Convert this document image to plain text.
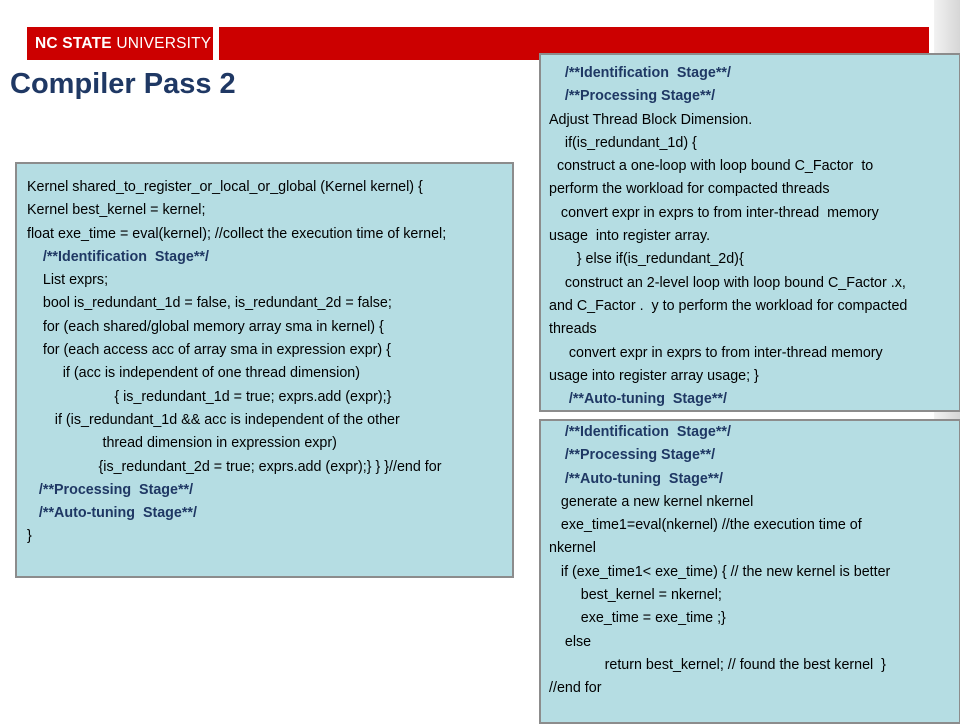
NC STATE UNIVERSITY
Compiler Pass 2
Kernel shared_to_register_or_local_or_global (Kernel kernel) {
Kernel best_kernel = kernel;
float exe_time = eval(kernel); //collect the execution time of kernel;
/**Identification  Stage**/
List exprs;
bool is_redundant_1d = false, is_redundant_2d = false;
for (each shared/global memory array sma in kernel) {
for (each access acc of array sma in expression expr) {
if (acc is independent of one thread dimension)
{ is_redundant_1d = true; exprs.add (expr);}
if (is_redundant_1d && acc is independent of the other
thread dimension in expression expr)
{is_redundant_2d = true; exprs.add (expr);} } }//end for
/**Processing  Stage**/
/**Auto-tuning  Stage**/
}
/**Identification  Stage**/
/**Processing Stage**/
Adjust Thread Block Dimension.
if(is_redundant_1d) {
construct a one-loop with loop bound C_Factor  to
perform the workload for compacted threads
convert expr in exprs to from inter-thread  memory
usage  into register array.
} else if(is_redundant_2d){
construct an 2-level loop with loop bound C_Factor .x,
and C_Factor .  y to perform the workload for compacted
threads
convert expr in exprs to from inter-thread memory
usage into register array usage; }
/**Auto-tuning  Stage**/
/**Identification  Stage**/
/**Processing Stage**/
/**Auto-tuning  Stage**/
generate a new kernel nkernel
exe_time1=eval(nkernel) //the execution time of
nkernel
if (exe_time1< exe_time) { // the new kernel is better
best_kernel = nkernel;
exe_time = exe_time ;}
else
return best_kernel; // found the best kernel  }
//end for
